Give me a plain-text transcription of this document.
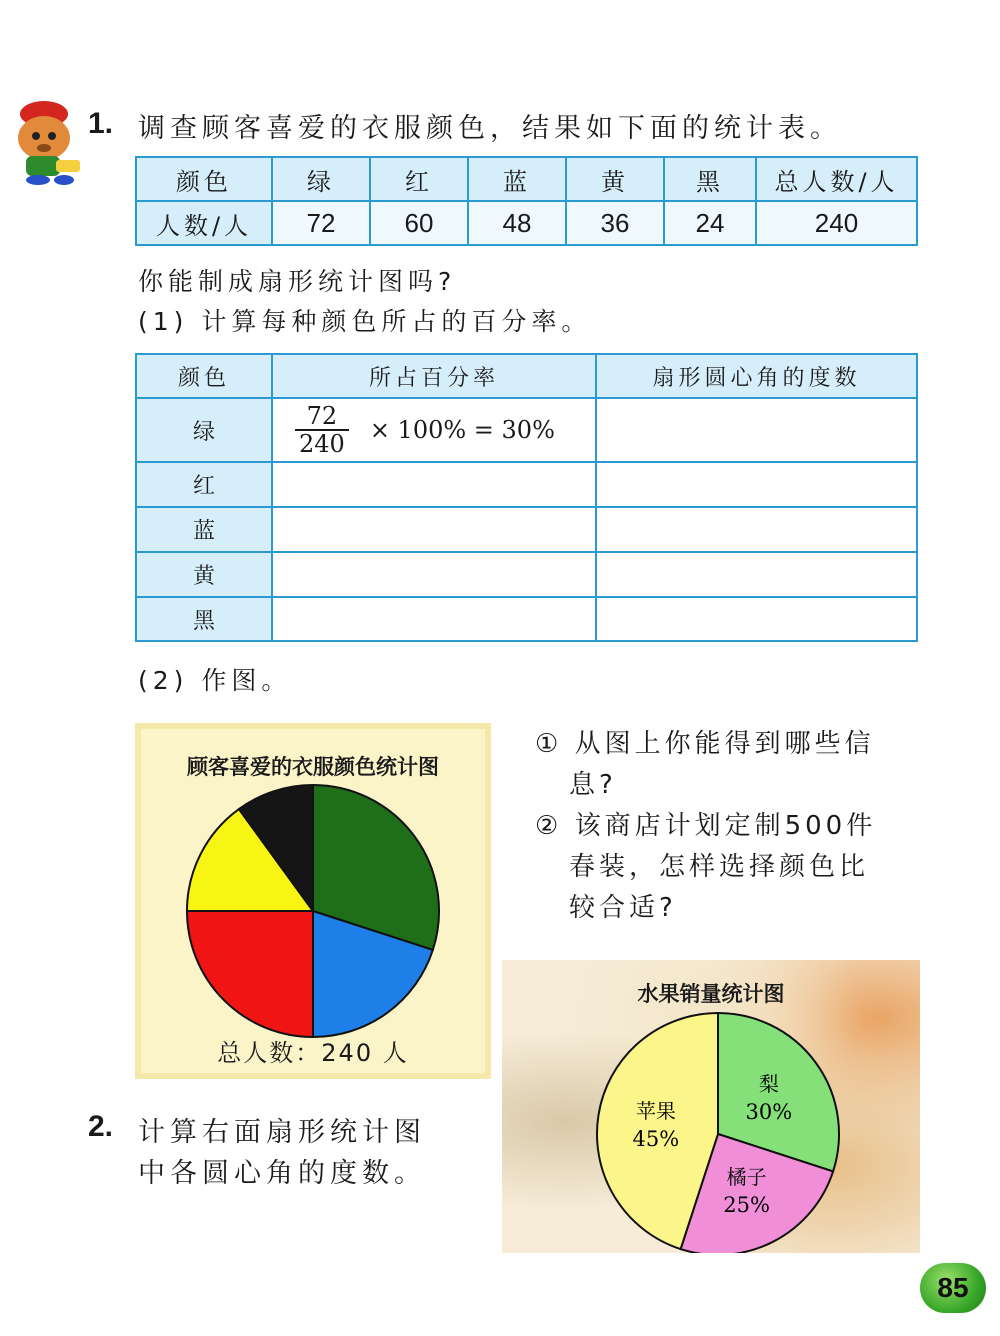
1. 调查顾客喜爱的衣服颜色，结果如下面的统计表。
颜色	绿	红	蓝	黄	黑	总人数/人
人数/人	72	60	48	36	24	240
你能制成扇形统计图吗?
(1) 计算每种颜色所占的百分率。
颜色	所占百分率	扇形圆心角的度数
绿	$\frac{72}{240} \times 100\% = 30\%$	
红		
蓝		
黄		
黑		
(2) 作图。
顾客喜爱的衣服颜色统计图
总人数：240 人
① 从图上你能得到哪些信
息?
② 该商店计划定制500件
春装，怎样选择颜色比
较合适?
水果销量统计图
梨
30%
橘子
25%
苹果
45%
2. 计算右面扇形统计图
中各圆心角的度数。
85
